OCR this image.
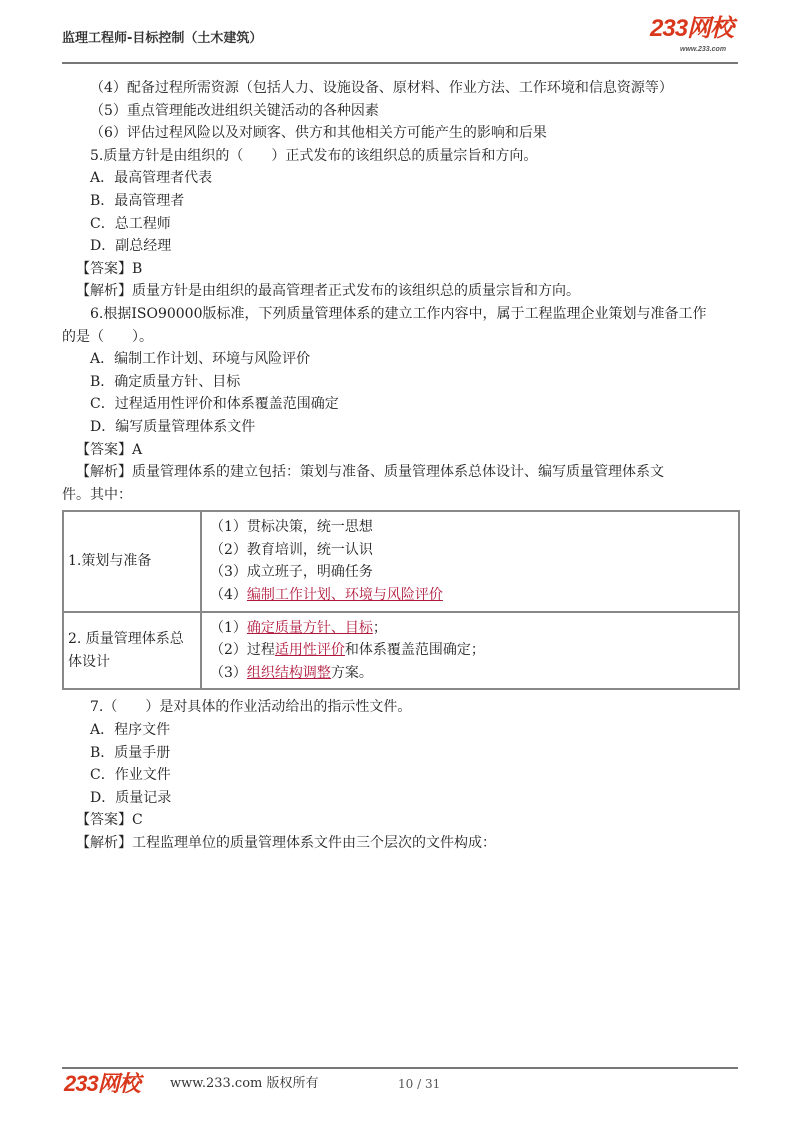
监理工程师-目标控制（土木建筑）	233网校
www.233.com
（4）配备过程所需资源（包括人力、设施设备、原材料、作业方法、工作环境和信息资源等）
（5）重点管理能改进组织关键活动的各种因素
（6）评估过程风险以及对顾客、供方和其他相关方可能产生的影响和后果
5.质量方针是由组织的（　　）正式发布的该组织总的质量宗旨和方向。
A．最高管理者代表
B．最高管理者
C．总工程师
D．副总经理
【答案】B
【解析】质量方针是由组织的最高管理者正式发布的该组织总的质量宗旨和方向。
6.根据ISO90000版标准，下列质量管理体系的建立工作内容中，属于工程监理企业策划与准备工作
的是（　　）。
A．编制工作计划、环境与风险评价
B．确定质量方针、目标
C．过程适用性评价和体系覆盖范围确定
D．编写质量管理体系文件
【答案】A
【解析】质量管理体系的建立包括：策划与准备、质量管理体系总体设计、编写质量管理体系文
件。其中：
1.策划与准备	（1）贯标决策，统一思想
（2）教育培训，统一认识
（3）成立班子，明确任务
（4）编制工作计划、环境与风险评价

2. 质量管理体系总体设计	（1）确定质量方针、目标；
（2）过程适用性评价和体系覆盖范围确定；
（3）组织结构调整方案。
7.（　　）是对具体的作业活动给出的指示性文件。
A．程序文件
B．质量手册
C．作业文件
D．质量记录
【答案】C
【解析】工程监理单位的质量管理体系文件由三个层次的文件构成：
233网校 www.233.com 版权所有	10 / 31
